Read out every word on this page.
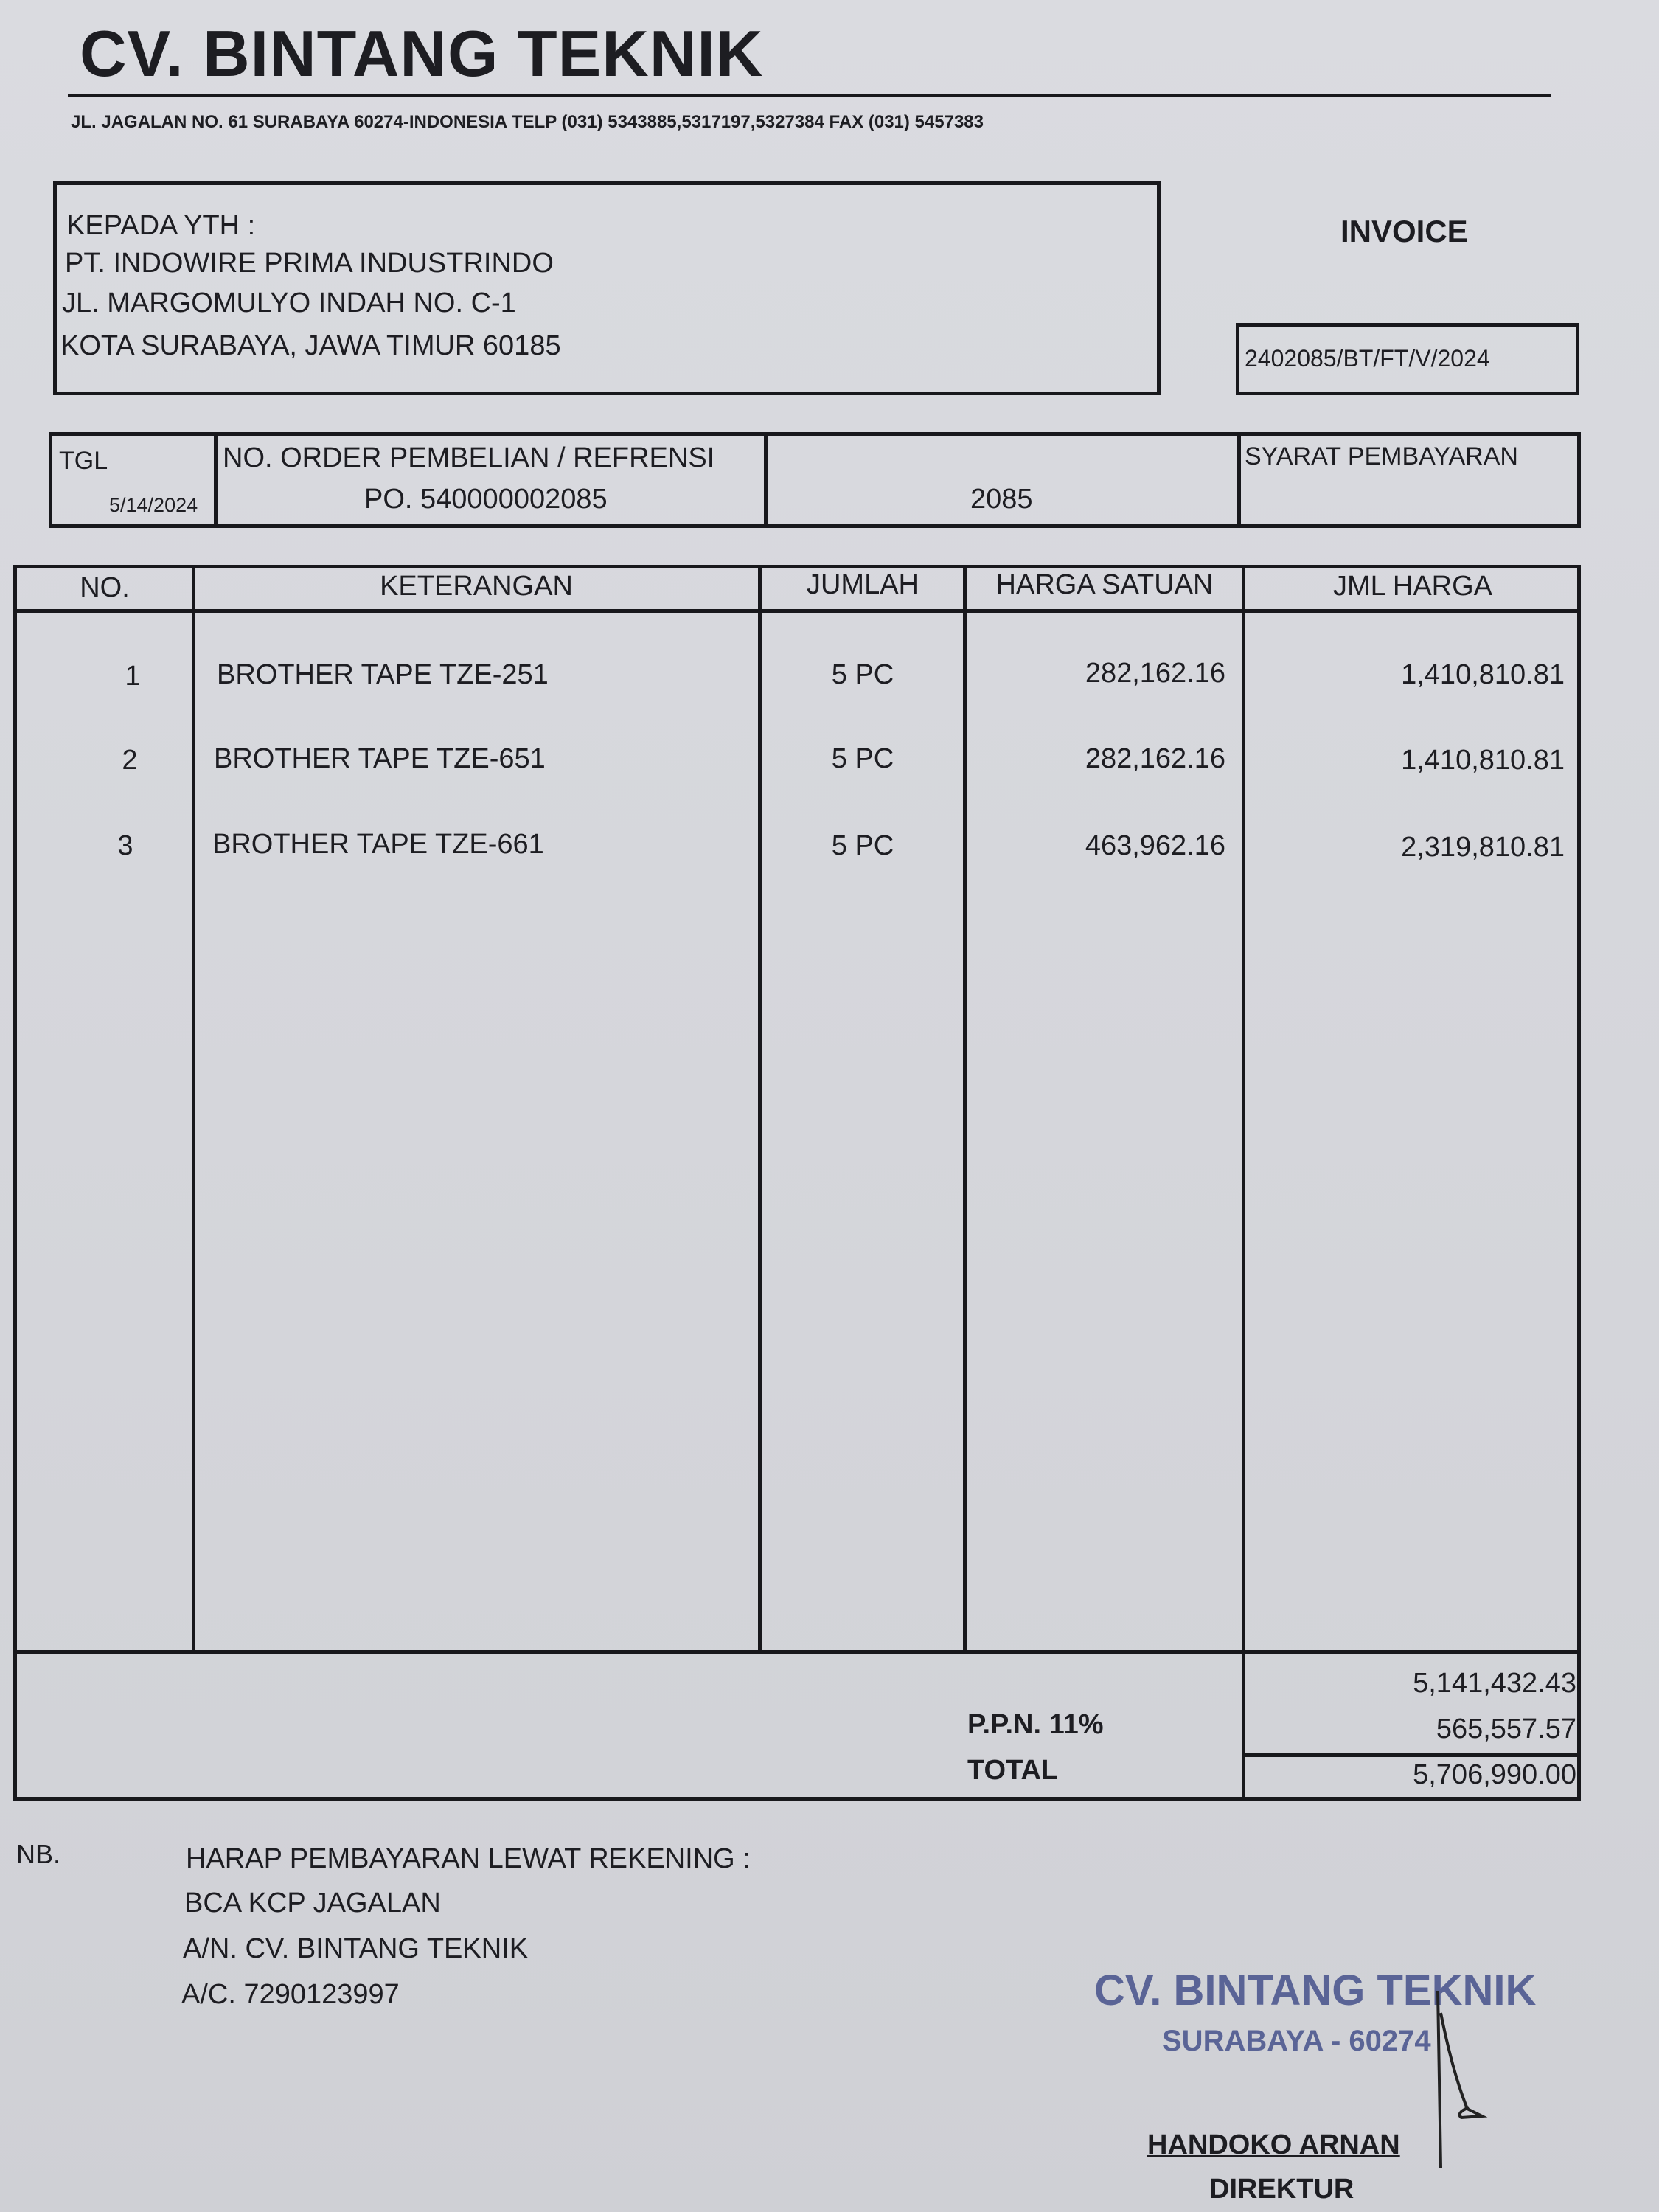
CV. BINTANG TEKNIK
JL. JAGALAN NO. 61 SURABAYA 60274-INDONESIA TELP (031) 5343885,5317197,5327384 FAX (031) 5457383
KEPADA YTH :
PT. INDOWIRE PRIMA INDUSTRINDO
JL. MARGOMULYO INDAH NO. C-1
KOTA SURABAYA, JAWA TIMUR 60185
INVOICE
2402085/BT/FT/V/2024
TGL
5/14/2024
NO. ORDER PEMBELIAN / REFRENSI
PO. 540000002085	2085
SYARAT PEMBAYARAN
NO.	KETERANGAN	JUMLAH	HARGA SATUAN	JML HARGA
1	BROTHER TAPE TZE-251	5 PC	282,162.16	1,410,810.81
2	BROTHER TAPE TZE-651	5 PC	282,162.16	1,410,810.81
3	BROTHER TAPE TZE-661	5 PC	463,962.16	2,319,810.81
5,141,432.43
P.P.N. 11%	565,557.57
TOTAL	5,706,990.00
NB.	HARAP PEMBAYARAN LEWAT REKENING :
BCA KCP JAGALAN
A/N. CV. BINTANG TEKNIK
A/C. 7290123997	CV. BINTANG TEKNIK
SURABAYA - 60274
HANDOKO ARNAN
DIREKTUR
